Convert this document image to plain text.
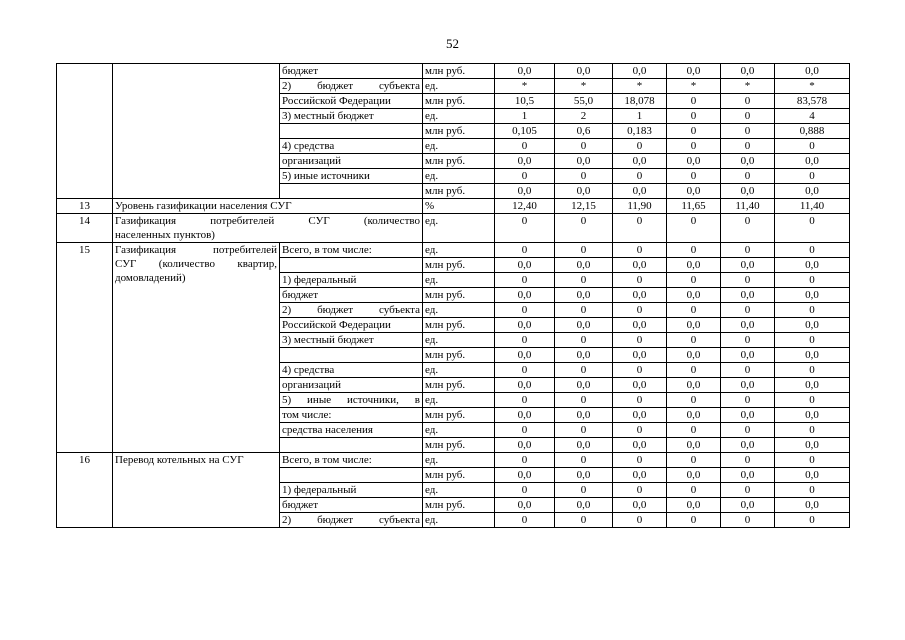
52
		бюджет	млн руб.	0,0	0,0	0,0	0,0	0,0	0,0
		2) бюджет субъекта	ед.	*	*	*	*	*	*
		Российской Федерации	млн руб.	10,5	55,0	18,078	0	0	83,578
		3) местный бюджет	ед.	1	2	1	0	0	4
			млн руб.	0,105	0,6	0,183	0	0	0,888
		4) средства	ед.	0	0	0	0	0	0
		организаций	млн руб.	0,0	0,0	0,0	0,0	0,0	0,0
		5) иные источники	ед.	0	0	0	0	0	0
			млн руб.	0,0	0,0	0,0	0,0	0,0	0,0
13	Уровень газификации населения СУГ		%	12,40	12,15	11,90	11,65	11,40	11,40
14	Газификация потребителей СУГ (количество
населенных пунктов)		ед.	0	0	0	0	0	0
15	Газификация потребителей
СУГ (количество квартир,
домовладений)	Всего, в том числе:	ед.	0	0	0	0	0	0
			млн руб.	0,0	0,0	0,0	0,0	0,0	0,0
		1) федеральный	ед.	0	0	0	0	0	0
		бюджет	млн руб.	0,0	0,0	0,0	0,0	0,0	0,0
		2) бюджет субъекта	ед.	0	0	0	0	0	0
		Российской Федерации	млн руб.	0,0	0,0	0,0	0,0	0,0	0,0
		3) местный бюджет	ед.	0	0	0	0	0	0
			млн руб.	0,0	0,0	0,0	0,0	0,0	0,0
		4) средства	ед.	0	0	0	0	0	0
		организаций	млн руб.	0,0	0,0	0,0	0,0	0,0	0,0
		5) иные источники, в	ед.	0	0	0	0	0	0
		том числе:	млн руб.	0,0	0,0	0,0	0,0	0,0	0,0
		средства населения	ед.	0	0	0	0	0	0
			млн руб.	0,0	0,0	0,0	0,0	0,0	0,0
16	Перевод котельных на СУГ	Всего, в том числе:	ед.	0	0	0	0	0	0
			млн руб.	0,0	0,0	0,0	0,0	0,0	0,0
		1) федеральный	ед.	0	0	0	0	0	0
		бюджет	млн руб.	0,0	0,0	0,0	0,0	0,0	0,0
		2) бюджет субъекта	ед.	0	0	0	0	0	0
